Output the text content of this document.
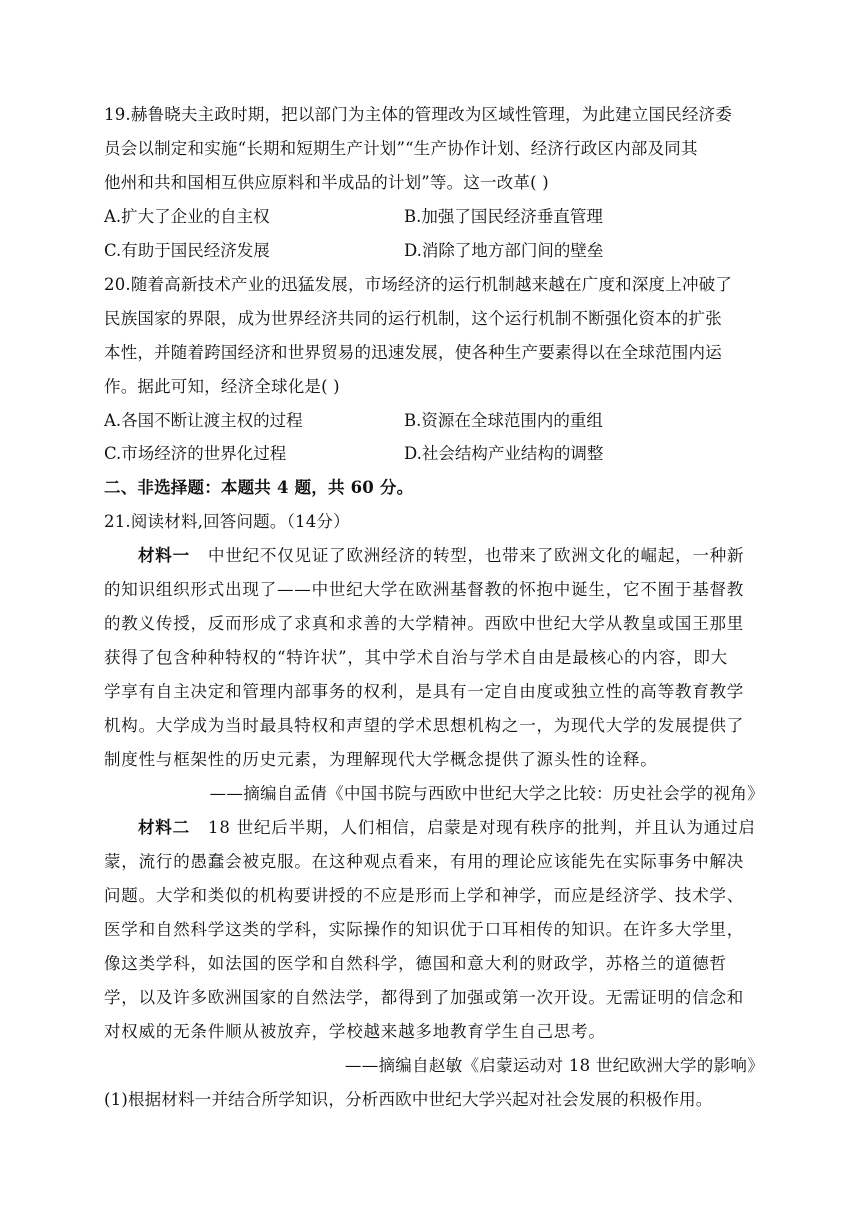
19.赫鲁晓夫主政时期，把以部门为主体的管理改为区域性管理，为此建立国民经济委
员会以制定和实施“长期和短期生产计划”“生产协作计划、经济行政区内部及同其
他州和共和国相互供应原料和半成品的计划”等。这一改革( )
A.扩大了企业的自主权	B.加强了国民经济垂直管理
C.有助于国民经济发展	D.消除了地方部门间的壁垒
20.随着高新技术产业的迅猛发展，市场经济的运行机制越来越在广度和深度上冲破了
民族国家的界限，成为世界经济共同的运行机制，这个运行机制不断强化资本的扩张
本性，并随着跨国经济和世界贸易的迅速发展，使各种生产要素得以在全球范围内运
作。据此可知，经济全球化是( )
A.各国不断让渡主权的过程	B.资源在全球范围内的重组
C.市场经济的世界化过程	D.社会结构产业结构的调整
二、非选择题：本题共 4 题，共 60 分。
21.阅读材料,回答问题。（14分）
材料一 中世纪不仅见证了欧洲经济的转型，也带来了欧洲文化的崛起，一种新
的知识组织形式出现了——中世纪大学在欧洲基督教的怀抱中诞生，它不囿于基督教
的教义传授，反而形成了求真和求善的大学精神。西欧中世纪大学从教皇或国王那里
获得了包含种种特权的“特许状”，其中学术自治与学术自由是最核心的内容，即大
学享有自主决定和管理内部事务的权利，是具有一定自由度或独立性的高等教育教学
机构。大学成为当时最具特权和声望的学术思想机构之一，为现代大学的发展提供了
制度性与框架性的历史元素，为理解现代大学概念提供了源头性的诠释。
——摘编自孟倩《中国书院与西欧中世纪大学之比较：历史社会学的视角》
材料二 18 世纪后半期，人们相信，启蒙是对现有秩序的批判，并且认为通过启
蒙，流行的愚蠢会被克服。在这种观点看来，有用的理论应该能先在实际事务中解决
问题。大学和类似的机构要讲授的不应是形而上学和神学，而应是经济学、技术学、
医学和自然科学这类的学科，实际操作的知识优于口耳相传的知识。在许多大学里，
像这类学科，如法国的医学和自然科学，德国和意大利的财政学，苏格兰的道德哲
学，以及许多欧洲国家的自然法学，都得到了加强或第一次开设。无需证明的信念和
对权威的无条件顺从被放弃，学校越来越多地教育学生自己思考。
——摘编自赵敏《启蒙运动对 18 世纪欧洲大学的影响》
(1)根据材料一并结合所学知识，分析西欧中世纪大学兴起对社会发展的积极作用。
